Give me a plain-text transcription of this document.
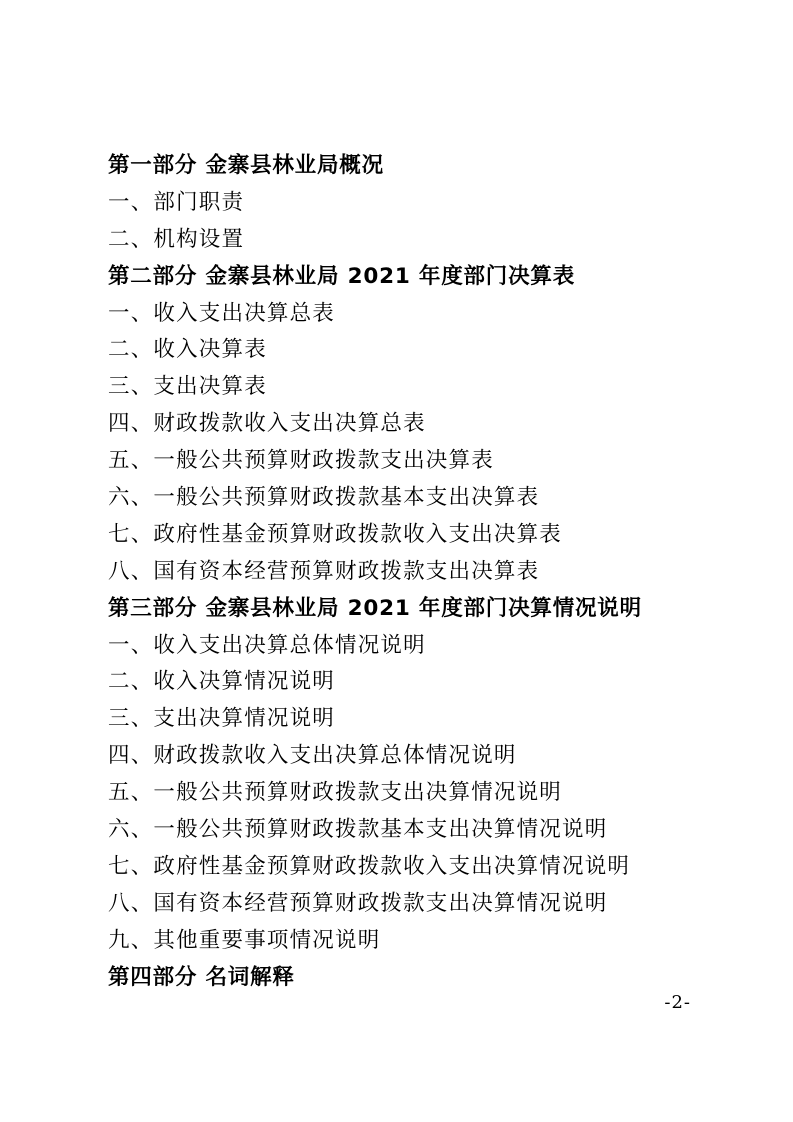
第一部分 金寨县林业局概况
一、部门职责
二、机构设置
第二部分 金寨县林业局 2021 年度部门决算表
一、收入支出决算总表
二、收入决算表
三、支出决算表
四、财政拨款收入支出决算总表
五、一般公共预算财政拨款支出决算表
六、一般公共预算财政拨款基本支出决算表
七、政府性基金预算财政拨款收入支出决算表
八、国有资本经营预算财政拨款支出决算表
第三部分 金寨县林业局 2021 年度部门决算情况说明
一、收入支出决算总体情况说明
二、收入决算情况说明
三、支出决算情况说明
四、财政拨款收入支出决算总体情况说明
五、一般公共预算财政拨款支出决算情况说明
六、一般公共预算财政拨款基本支出决算情况说明
七、政府性基金预算财政拨款收入支出决算情况说明
八、国有资本经营预算财政拨款支出决算情况说明
九、其他重要事项情况说明
第四部分 名词解释
-2-
